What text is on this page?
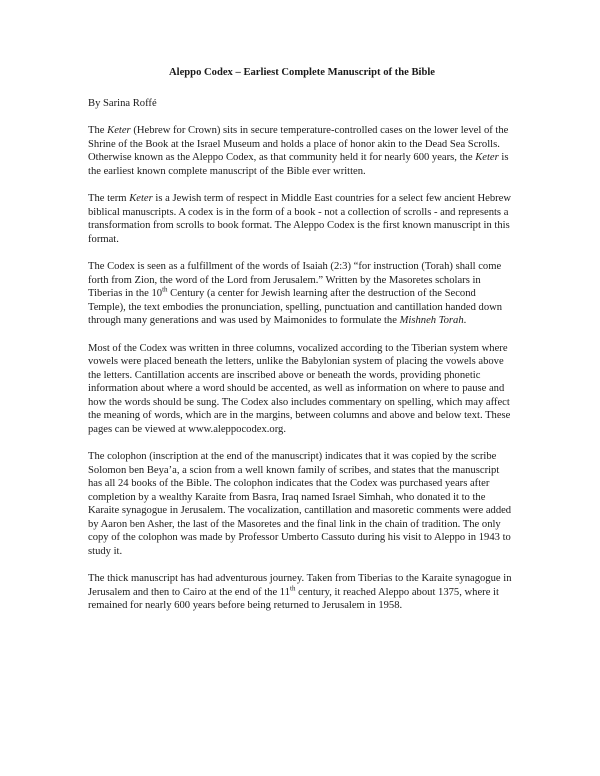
Aleppo Codex – Earliest Complete Manuscript of the Bible
By Sarina Roffé

The Keter (Hebrew for Crown) sits in secure temperature-controlled cases on the lower level of the Shrine of the Book at the Israel Museum and holds a place of honor akin to the Dead Sea Scrolls. Otherwise known as the Aleppo Codex, as that community held it for nearly 600 years, the Keter is the earliest known complete manuscript of the Bible ever written.

The term Keter is a Jewish term of respect in Middle East countries for a select few ancient Hebrew biblical manuscripts. A codex is in the form of a book - not a collection of scrolls - and represents a transformation from scrolls to book format. The Aleppo Codex is the first known manuscript in this format.

The Codex is seen as a fulfillment of the words of Isaiah (2:3) “for instruction (Torah) shall come forth from Zion, the word of the Lord from Jerusalem.” Written by the Masoretes scholars in Tiberias in the 10th Century (a center for Jewish learning after the destruction of the Second Temple), the text embodies the pronunciation, spelling, punctuation and cantillation handed down through many generations and was used by Maimonides to formulate the Mishneh Torah.

Most of the Codex was written in three columns, vocalized according to the Tiberian system where vowels were placed beneath the letters, unlike the Babylonian system of placing the vowels above the letters. Cantillation accents are inscribed above or beneath the words, providing phonetic information about where a word should be accented, as well as information on where to pause and how the words should be sung. The Codex also includes commentary on spelling, which may affect the meaning of words, which are in the margins, between columns and above and below text. These pages can be viewed at www.aleppocodex.org.

The colophon (inscription at the end of the manuscript) indicates that it was copied by the scribe Solomon ben Beya’a, a scion from a well known family of scribes, and states that the manuscript has all 24 books of the Bible. The colophon indicates that the Codex was purchased years after completion by a wealthy Karaite from Basra, Iraq named Israel Simhah, who donated it to the Karaite synagogue in Jerusalem. The vocalization, cantillation and masoretic comments were added by Aaron ben Asher, the last of the Masoretes and the final link in the chain of tradition. The only copy of the colophon was made by Professor Umberto Cassuto during his visit to Aleppo in 1943 to study it.

The thick manuscript has had adventurous journey. Taken from Tiberias to the Karaite synagogue in Jerusalem and then to Cairo at the end of the 11th century, it reached Aleppo about 1375, where it remained for nearly 600 years before being returned to Jerusalem in 1958.
